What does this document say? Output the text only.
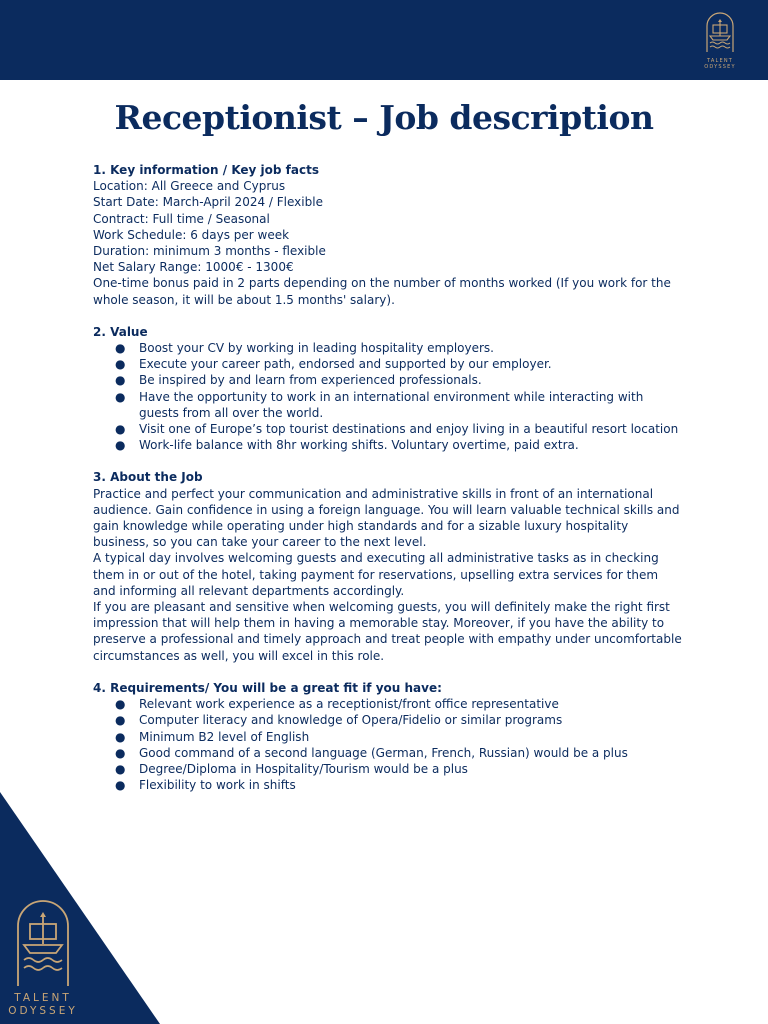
TALENT
ODYSSEY
Receptionist – Job description
1. Key information / Key job facts
Location: All Greece and Cyprus
Start Date: March-April 2024 / Flexible
Contract: Full time / Seasonal
Work Schedule: 6 days per week
Duration: minimum 3 months - flexible
Net Salary Range: 1000€ - 1300€
One-time bonus paid in 2 parts depending on the number of months worked (If you work for the whole season, it will be about 1.5 months' salary).
2. Value
● Boost your CV by working in leading hospitality employers.
● Execute your career path, endorsed and supported by our employer.
● Be inspired by and learn from experienced professionals.
● Have the opportunity to work in an international environment while interacting with guests from all over the world.
● Visit one of Europe’s top tourist destinations and enjoy living in a beautiful resort location
● Work-life balance with 8hr working shifts. Voluntary overtime, paid extra.
3. About the Job
Practice and perfect your communication and administrative skills in front of an international audience. Gain confidence in using a foreign language. You will learn valuable technical skills and gain knowledge while operating under high standards and for a sizable luxury hospitality business, so you can take your career to the next level.
A typical day involves welcoming guests and executing all administrative tasks as in checking them in or out of the hotel, taking payment for reservations, upselling extra services for them and informing all relevant departments accordingly.
If you are pleasant and sensitive when welcoming guests, you will definitely make the right first impression that will help them in having a memorable stay. Moreover, if you have the ability to preserve a professional and timely approach and treat people with empathy under uncomfortable circumstances as well, you will excel in this role.
4. Requirements/ You will be a great fit if you have:
● Relevant work experience as a receptionist/front office representative
● Computer literacy and knowledge of Opera/Fidelio or similar programs
● Minimum B2 level of English
● Good command of a second language (German, French, Russian) would be a plus
● Degree/Diploma in Hospitality/Tourism would be a plus
● Flexibility to work in shifts
TALENT
ODYSSEY
